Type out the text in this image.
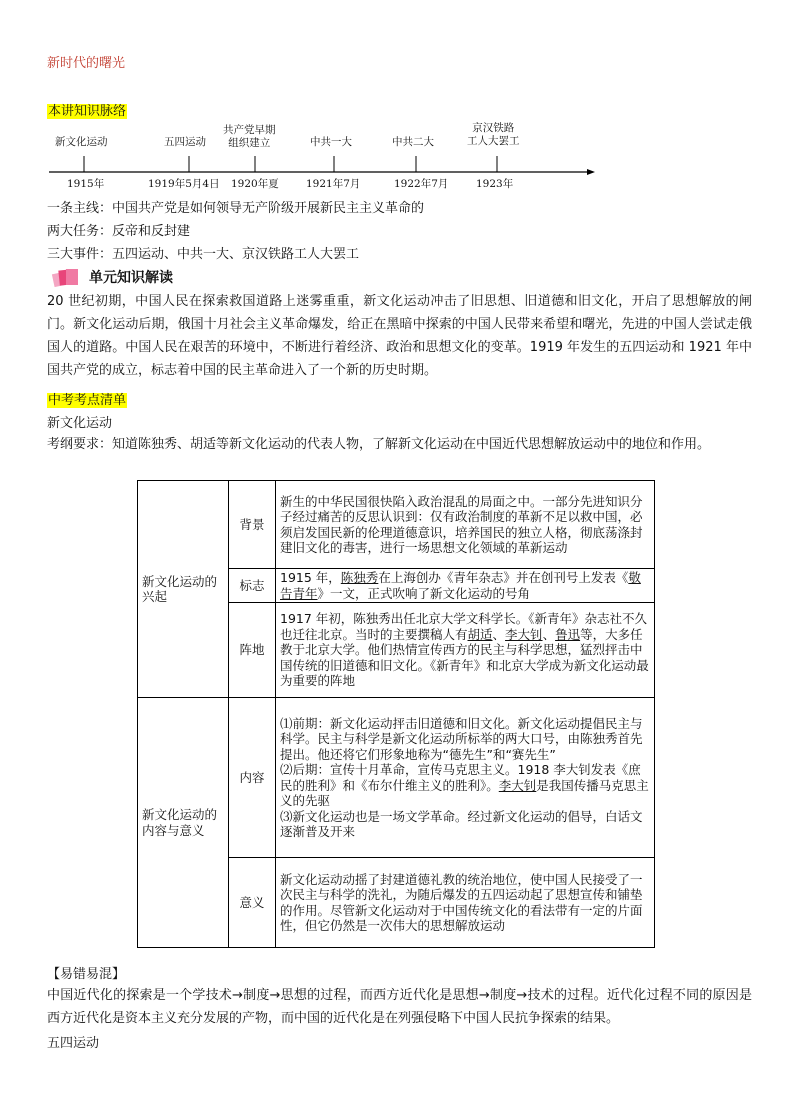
新时代的曙光
本讲知识脉络
新文化运动	五四运动
共产党早期
组织建立	中共一大	中共二大
京汉铁路
工人大罢工
1915年	1919年5月4日 1920年夏	1921年7月	1922年7月	1923年
一条主线：中国共产党是如何领导无产阶级开展新民主主义革命的
两大任务：反帝和反封建
三大事件：五四运动、中共一大、京汉铁路工人大罢工
单元知识解读
20 世纪初期，中国人民在探索救国道路上迷雾重重，新文化运动冲击了旧思想、旧道德和旧文化，开启了思想解放的闸门。新文化运动后期，俄国十月社会主义革命爆发，给正在黑暗中探索的中国人民带来希望和曙光，先进的中国人尝试走俄国人的道路。中国人民在艰苦的环境中，不断进行着经济、政治和思想文化的变革。1919 年发生的五四运动和 1921 年中国共产党的成立，标志着中国的民主革命进入了一个新的历史时期。
中考考点清单
新文化运动
考纲要求：知道陈独秀、胡适等新文化运动的代表人物，了解新文化运动在中国近代思想解放运动中的地位和作用。
新文化运动的兴起	背景	新生的中华民国很快陷入政治混乱的局面之中。一部分先进知识分子经过痛苦的反思认识到：仅有政治制度的革新不足以救中国，必须启发国民新的伦理道德意识，培养国民的独立人格，彻底荡涤封建旧文化的毒害，进行一场思想文化领域的革新运动
	标志	1915 年，陈独秀在上海创办《青年杂志》并在创刊号上发表《敬告青年》一文，正式吹响了新文化运动的号角
	阵地	1917 年初，陈独秀出任北京大学文科学长。《新青年》杂志社不久也迁往北京。当时的主要撰稿人有胡适、李大钊、鲁迅等，大多任教于北京大学。他们热情宣传西方的民主与科学思想，猛烈抨击中国传统的旧道德和旧文化。《新青年》和北京大学成为新文化运动最为重要的阵地
新文化运动的内容与意义	内容	⑴前期：新文化运动抨击旧道德和旧文化。新文化运动提倡民主与科学。民主与科学是新文化运动所标举的两大口号，由陈独秀首先提出。他还将它们形象地称为“德先生”和“赛先生”
⑵后期：宣传十月革命，宣传马克思主义。1918 李大钊发表《庶民的胜利》和《布尔什维主义的胜利》。李大钊是我国传播马克思主义的先驱
⑶新文化运动也是一场文学革命。经过新文化运动的倡导，白话文逐渐普及开来

	意义	新文化运动动摇了封建道德礼教的统治地位，使中国人民接受了一次民主与科学的洗礼，为随后爆发的五四运动起了思想宣传和铺垫的作用。尽管新文化运动对于中国传统文化的看法带有一定的片面性，但它仍然是一次伟大的思想解放运动
【易错易混】
中国近代化的探索是一个学技术→制度→思想的过程，而西方近代化是思想→制度→技术的过程。近代化过程不同的原因是西方近代化是资本主义充分发展的产物，而中国的近代化是在列强侵略下中国人民抗争探索的结果。
五四运动
